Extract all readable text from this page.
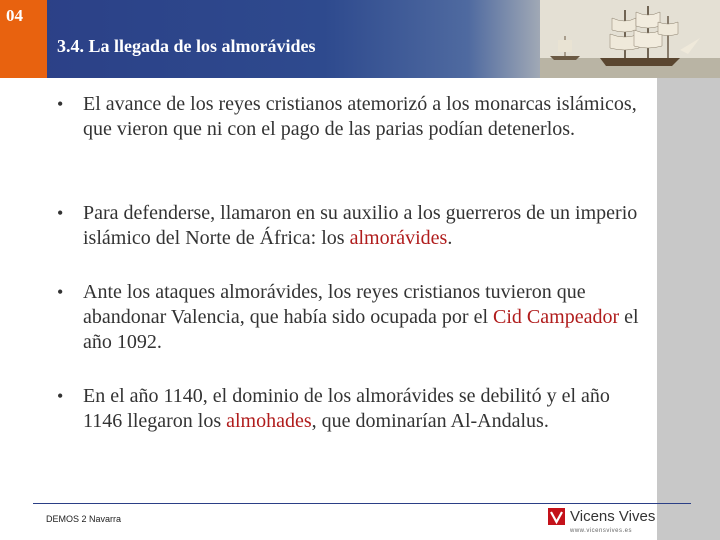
04
3.4. La llegada de los almorávides
• El avance de los reyes cristianos atemorizó a los monarcas islámicos, que vieron que ni con el pago de las parias podían detenerlos.
• Para defenderse, llamaron en su auxilio a los guerreros de un imperio islámico del Norte de África: los almorávides.
• Ante los ataques almorávides, los reyes cristianos tuvieron que abandonar Valencia, que había sido ocupada por el Cid Campeador el año 1092.
• En el año 1140, el dominio de los almorávides se debilitó y el año 1146 llegaron los almohades, que dominarían Al-Andalus.
DEMOS 2 Navarra	Vicens Vives
www.vicensvives.es
